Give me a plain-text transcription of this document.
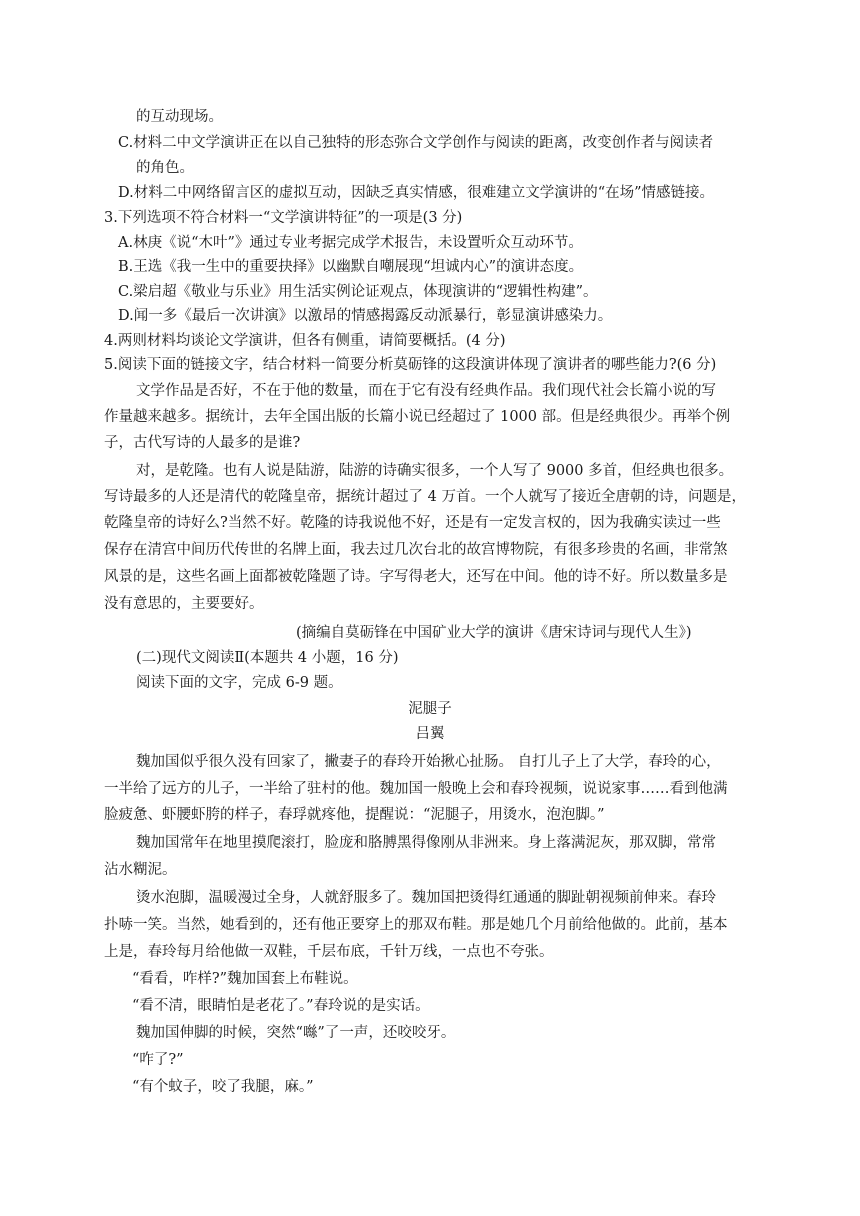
的互动现场。
C.材料二中文学演讲正在以自己独特的形态弥合文学创作与阅读的距离，改变创作者与阅读者
的角色。
D.材料二中网络留言区的虚拟互动，因缺乏真实情感，很难建立文学演讲的“在场”情感链接。
3.下列选项不符合材料一“文学演讲特征”的一项是(3 分)
A.林庚《说“木叶”》通过专业考据完成学术报告，未设置听众互动环节。
B.王选《我一生中的重要抉择》以幽默自嘲展现“坦诚内心”的演讲态度。
C.梁启超《敬业与乐业》用生活实例论证观点，体现演讲的“逻辑性构建”。
D.闻一多《最后一次讲演》以激昂的情感揭露反动派暴行，彰显演讲感染力。
4.两则材料均谈论文学演讲，但各有侧重，请简要概括。(4 分)
5.阅读下面的链接文字，结合材料一简要分析莫砺锋的这段演讲体现了演讲者的哪些能力?(6 分)
文学作品是否好，不在于他的数量，而在于它有没有经典作品。我们现代社会长篇小说的写
作量越来越多。据统计，去年全国出版的长篇小说已经超过了 1000 部。但是经典很少。再举个例
子，古代写诗的人最多的是谁?
对，是乾隆。也有人说是陆游，陆游的诗确实很多，一个人写了 9000 多首，但经典也很多。
写诗最多的人还是清代的乾隆皇帝，据统计超过了 4 万首。一个人就写了接近全唐朝的诗，问题是，
乾隆皇帝的诗好么?当然不好。乾隆的诗我说他不好，还是有一定发言权的，因为我确实读过一些
保存在清宫中间历代传世的名牌上面，我去过几次台北的故宫博物院，有很多珍贵的名画，非常煞
风景的是，这些名画上面都被乾隆题了诗。字写得老大，还写在中间。他的诗不好。所以数量多是
没有意思的，主要要好。
(摘编自莫砺锋在中国矿业大学的演讲《唐宋诗词与现代人生》)
(二)现代文阅读Ⅱ(本题共 4 小题，16 分)
阅读下面的文字，完成 6-9 题。
泥腿子
吕翼
魏加国似乎很久没有回家了，撇妻子的春玲开始揪心扯肠。 自打儿子上了大学，春玲的心，
一半给了远方的儿子，一半给了驻村的他。魏加国一般晚上会和春玲视频，说说家事……看到他满
脸疲惫、虾腰虾胯的样子，春琈就疼他，提醒说：“泥腿子，用烫水，泡泡脚。”
魏加国常年在地里摸爬滚打，脸庞和胳膊黑得像刚从非洲来。身上落满泥灰，那双脚，常常
沾水糊泥。
烫水泡脚，温暖漫过全身，人就舒服多了。魏加国把烫得红通通的脚趾朝视频前伸来。春玲
扑哧一笑。当然，她看到的，还有他正要穿上的那双布鞋。那是她几个月前给他做的。此前，基本
上是，春玲每月给他做一双鞋，千层布底，千针万线，一点也不夸张。
“看看，咋样?”魏加国套上布鞋说。
“看不清，眼睛怕是老花了。”春玲说的是实话。
魏加国伸脚的时候，突然“噝”了一声，还咬咬牙。
“咋了?”
“有个蚊子，咬了我腿，麻。”
